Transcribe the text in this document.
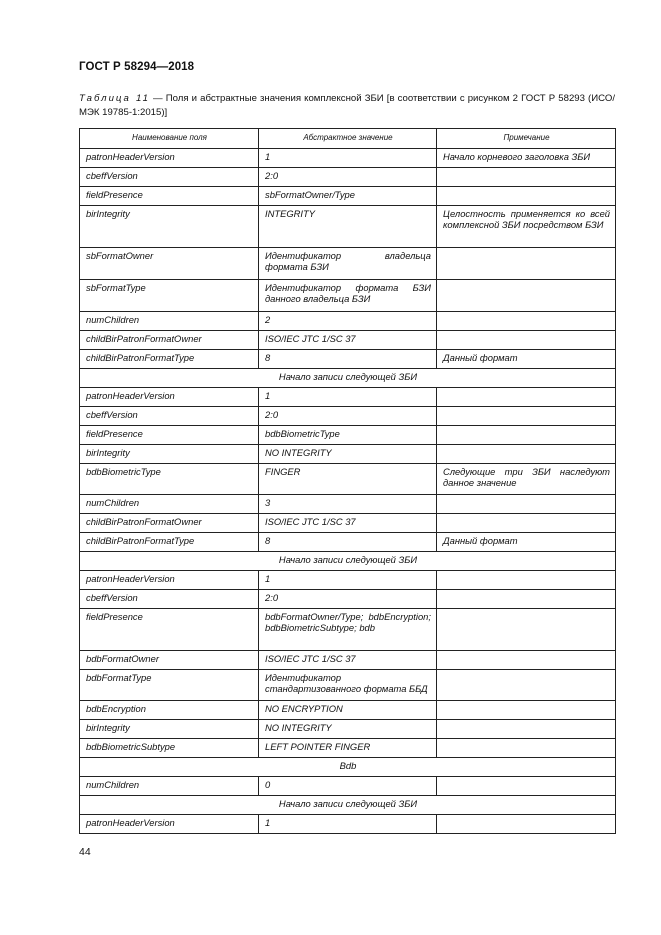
ГОСТ Р 58294—2018
Таблица 11 — Поля и абстрактные значения комплексной ЗБИ [в соответствии с рисунком 2 ГОСТ Р 58293 (ИСО/МЭК 19785-1:2015)]
Наименование поля	Абстрактное значение	Примечание
patronHeaderVersion	1	Начало корневого заголовка ЗБИ
cbeffVersion	2:0	
fieldPresence	sbFormatOwner/Type	
birIntegrity	INTEGRITY	Целостность применяется ко всей комплексной ЗБИ посредством БЗИ
sbFormatOwner	Идентификатор владельца формата БЗИ	
sbFormatType	Идентификатор формата БЗИ данного владельца БЗИ	
numChildren	2	
childBirPatronFormatOwner	ISO/IEC JTC 1/SC 37	
childBirPatronFormatType	8	Данный формат
Начало записи следующей ЗБИ		
patronHeaderVersion	1	
cbeffVersion	2:0	
fieldPresence	bdbBiometricType	
birIntegrity	NO INTEGRITY	
bdbBiometricType	FINGER	Следующие три ЗБИ наследуют данное значение
numChildren	3	
childBirPatronFormatOwner	ISO/IEC JTC 1/SC 37	
childBirPatronFormatType	8	Данный формат
Начало записи следующей ЗБИ		
patronHeaderVersion	1	
cbeffVersion	2:0	
fieldPresence	bdbFormatOwner/Type; bdbEncryption; bdbBiometricSubtype; bdb	
bdbFormatOwner	ISO/IEC JTC 1/SC 37	
bdbFormatType	Идентификатор стандартизованного формата ББД	
bdbEncryption	NO ENCRYPTION	
birIntegrity	NO INTEGRITY	
bdbBiometricSubtype	LEFT POINTER FINGER	
Bdb		
numChildren	0	
Начало записи следующей ЗБИ		
patronHeaderVersion	1	
44
